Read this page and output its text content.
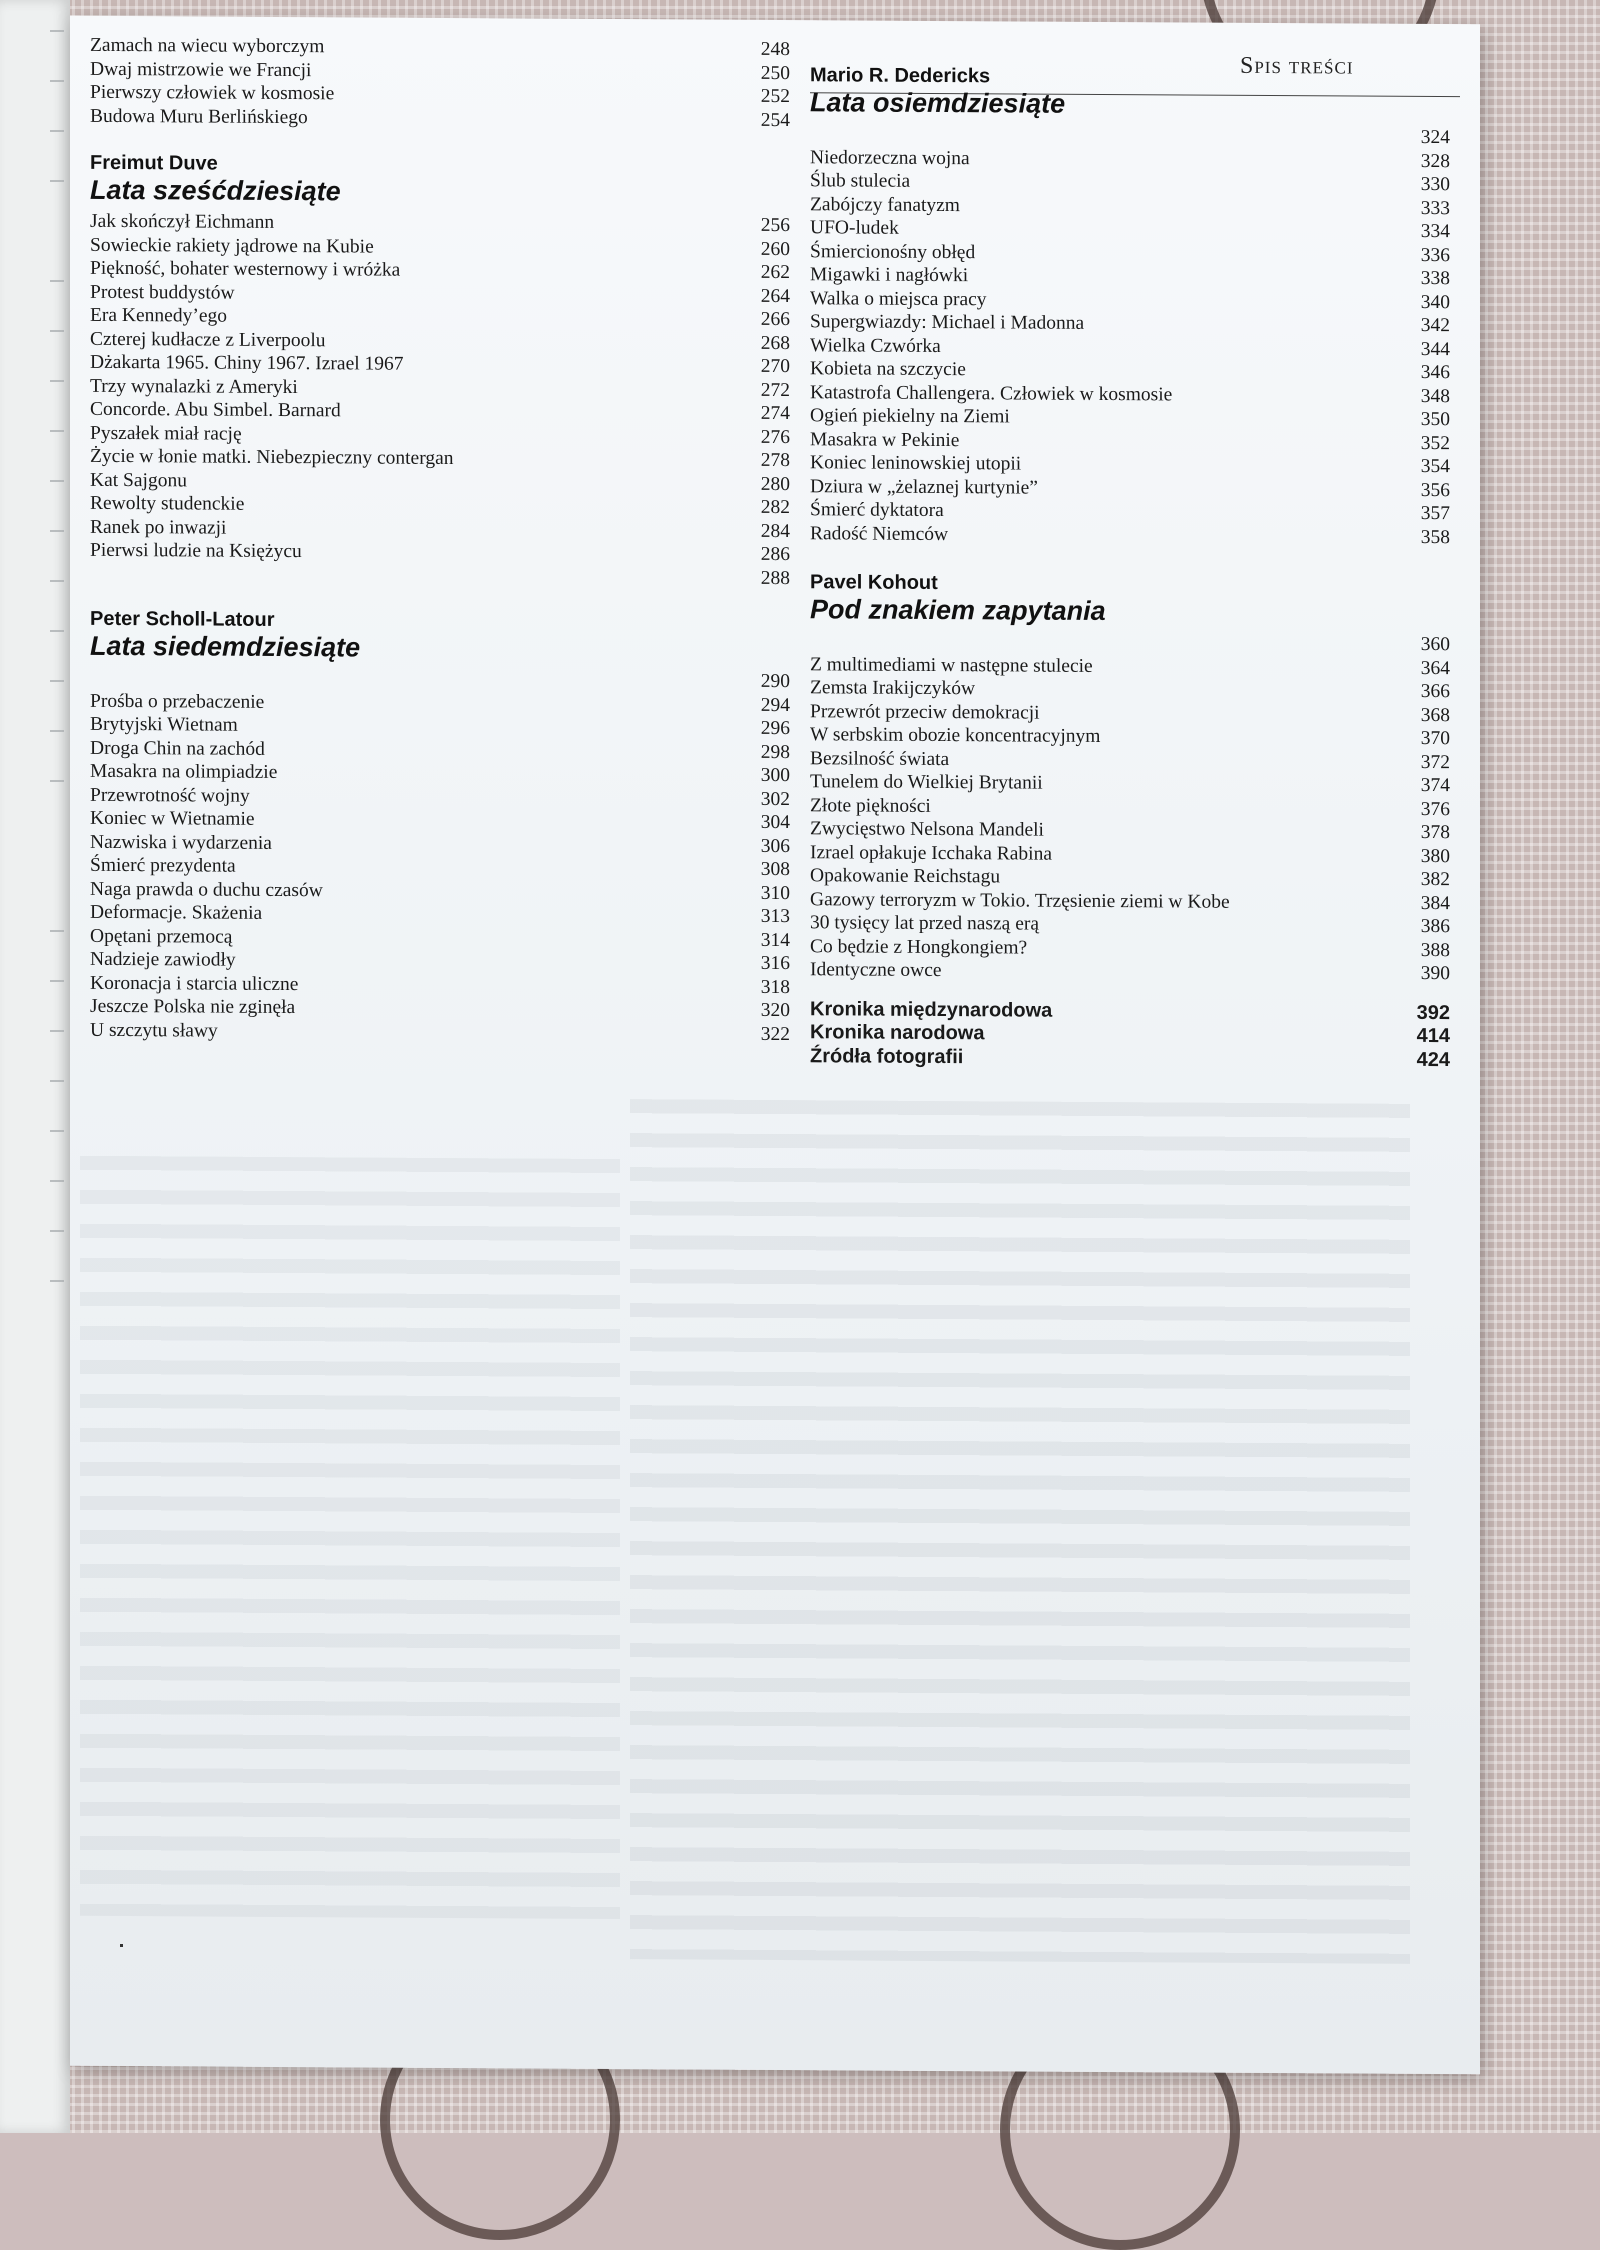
Spis treści
Zamach na wiecu wyborczym	248
Dwaj mistrzowie we Francji	250
Pierwszy człowiek w kosmosie	252
Budowa Muru Berlińskiego	254

Freimut Duve

Lata sześćdziesiąte

Jak skończył Eichmann	256
Sowieckie rakiety jądrowe na Kubie	260
Piękność, bohater westernowy i wróżka	262
Protest buddystów	264
Era Kennedy’ego	266
Czterej kudłacze z Liverpoolu	268
Dżakarta 1965. Chiny 1967. Izrael 1967	270
Trzy wynalazki z Ameryki	272
Concorde. Abu Simbel. Barnard	274
Pyszałek miał rację	276
Życie w łonie matki. Niebezpieczny contergan	278
Kat Sajgonu	280
Rewolty studenckie	282
Ranek po inwazji	284
Pierwsi ludzie na Księżycu	286
288

Peter Scholl-Latour

Lata siedemdziesiąte

290
Prośba o przebaczenie	294
Brytyjski Wietnam	296
Droga Chin na zachód	298
Masakra na olimpiadzie	300
Przewrotność wojny	302
Koniec w Wietnamie	304
Nazwiska i wydarzenia	306
Śmierć prezydenta	308
Naga prawda o duchu czasów	310
Deformacje. Skażenia	313
Opętani przemocą	314
Nadzieje zawiodły	316
Koronacja i starcia uliczne	318
Jeszcze Polska nie zginęła	320
U szczytu sławy	322

Mario R. Dedericks

Lata osiemdziesiąte

324
Niedorzeczna wojna	328
Ślub stulecia	330
Zabójczy fanatyzm	333
UFO-ludek	334
Śmiercionośny obłęd	336
Migawki i nagłówki	338
Walka o miejsca pracy	340
Supergwiazdy: Michael i Madonna	342
Wielka Czwórka	344
Kobieta na szczycie	346
Katastrofa Challengera. Człowiek w kosmosie	348
Ogień piekielny na Ziemi	350
Masakra w Pekinie	352
Koniec leninowskiej utopii	354
Dziura w „żelaznej kurtynie”	356
Śmierć dyktatora	357
Radość Niemców	358

Pavel Kohout

Pod znakiem zapytania

360
Z multimediami w następne stulecie	364
Zemsta Irakijczyków	366
Przewrót przeciw demokracji	368
W serbskim obozie koncentracyjnym	370
Bezsilność świata	372
Tunelem do Wielkiej Brytanii	374
Złote piękności	376
Zwycięstwo Nelsona Mandeli	378
Izrael opłakuje Icchaka Rabina	380
Opakowanie Reichstagu	382
Gazowy terroryzm w Tokio. Trzęsienie ziemi w Kobe	384
30 tysięcy lat przed naszą erą	386
Co będzie z Hongkongiem?	388
Identyczne owce	390
Kronika międzynarodowa	392
Kronika narodowa	414
Źródła fotografii	424
